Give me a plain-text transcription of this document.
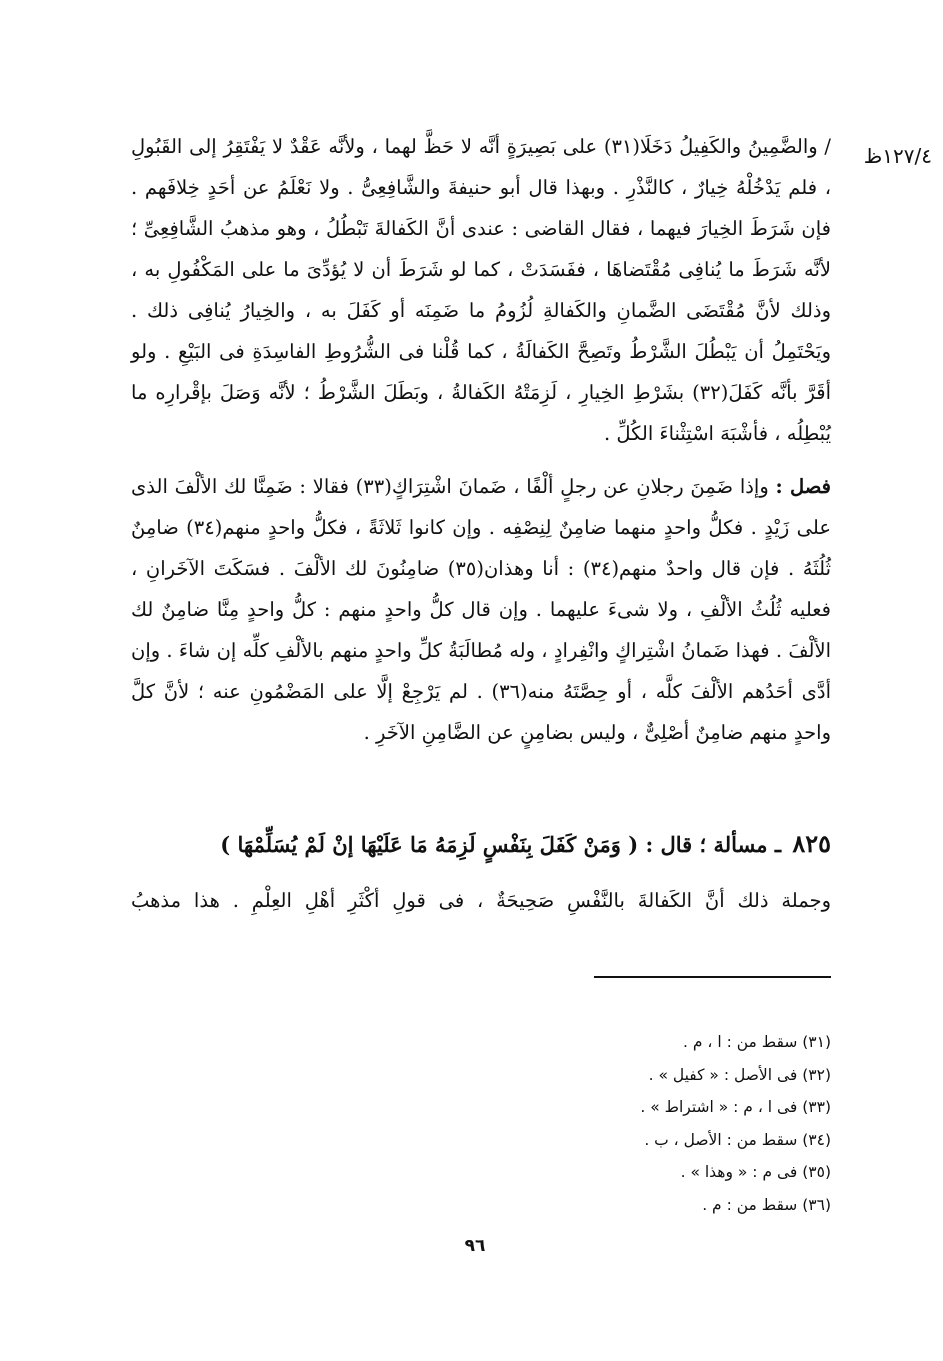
١٢٧/٤ظ

/ والضَّمِينُ والكَفِيلُ دَخَلَا(٣١) على بَصِيرَةٍ أنَّه لا حَظَّ لهما ، ولأنَّه عَقْدٌ لا يَفْتَقِرُ إلى القَبُولِ ، فلم يَدْخُلْهُ خِيارٌ ، كالنَّذْرِ . وبهذا قال أبو حنيفةَ والشَّافِعِىُّ . ولا نَعْلَمُ عن أحَدٍ خِلافَهم . فإن شَرَطَ الخِيارَ فيهما ، فقال القاضى : عندى أنَّ الكَفالةَ تَبْطُلُ ، وهو مذهبُ الشَّافِعِىِّ ؛ لأنَّه شَرَطَ ما يُنافِى مُقْتَضاهَا ، ففَسَدَتْ ، كما لو شَرَطَ أن لا يُؤدِّىَ ما على المَكْفُولِ به ، وذلك لأنَّ مُقْتَضَى الضَّمانِ والكَفالةِ لُزُومُ ما ضَمِنَه أو كَفَلَ به ، والخِيارُ يُنافِى ذلك . ويَحْتَمِلُ أن يَبْطُلَ الشَّرْطُ وتَصِحَّ الكَفالَةُ ، كما قُلْنا فى الشُّرُوطِ الفاسِدَةِ فى البَيْعِ . ولو أقَرَّ بأنَّه كَفَلَ(٣٢) بشَرْطِ الخِيارِ ، لَزِمَتْهُ الكَفالةُ ، وبَطَلَ الشَّرْطُ ؛ لأنَّه وَصَلَ بإقْرارِه ما يُبْطِلُه ، فأشْبَهَ اسْتِثْناءَ الكُلِّ .

فصل : وإذا ضَمِنَ رجلانِ عن رجلٍ ألْفًا ، ضَمانَ اشْتِرَاكٍ(٣٣) فقالا : ضَمِنَّا لك الألْفَ الذى على زَيْدٍ . فكلُّ واحدٍ منهما ضامِنٌ لِنِصْفِه . وإن كانوا ثَلاثَةً ، فكلُّ واحدٍ منهم(٣٤) ضامِنٌ ثُلُثَهُ . فإن قال واحدٌ منهم(٣٤) : أنا وهذان(٣٥) ضامِنُونَ لك الألْفَ . فسَكَتَ الآخَرانِ ، فعليه ثُلُثُ الألْفِ ، ولا شىءَ عليهما . وإن قال كلُّ واحدٍ منهم : كلُّ واحدٍ مِنَّا ضامِنٌ لك الألْفَ . فهذا ضَمانُ اشْتِراكٍ وانْفِرادٍ ، وله مُطالَبَةُ كلِّ واحدٍ منهم بالألْفِ كلِّه إن شاءَ . وإن أدَّى أحَدُهم الألْفَ كلَّه ، أو حِصَّتَهُ منه(٣٦) . لم يَرْجِعْ إلَّا على المَضْمُونِ عنه ؛ لأنَّ كلَّ واحدٍ منهم ضامِنٌ أصْلِىٌّ ، وليس بضامِنٍ عن الضَّامِنِ الآخَرِ .

٨٢٥ ـ مسألة ؛ قال : ( وَمَنْ كَفَلَ بِنَفْسٍ لَزِمَهُ مَا عَلَيْهَا إنْ لَمْ يُسَلِّمْهَا )
وجملة ذلك أنَّ الكَفالةَ بالنَّفْسِ صَحِيحَةٌ ، فى قولِ أكْثَرِ أهْلِ العِلْمِ . هذا مذهبُ
(٣١) سقط من : ا ، م .
(٣٢) فى الأصل : « كفيل » .
(٣٣) فى ا ، م : « اشتراط » .
(٣٤) سقط من : الأصل ، ب .
(٣٥) فى م : « وهذا » .
(٣٦) سقط من : م .
٩٦
